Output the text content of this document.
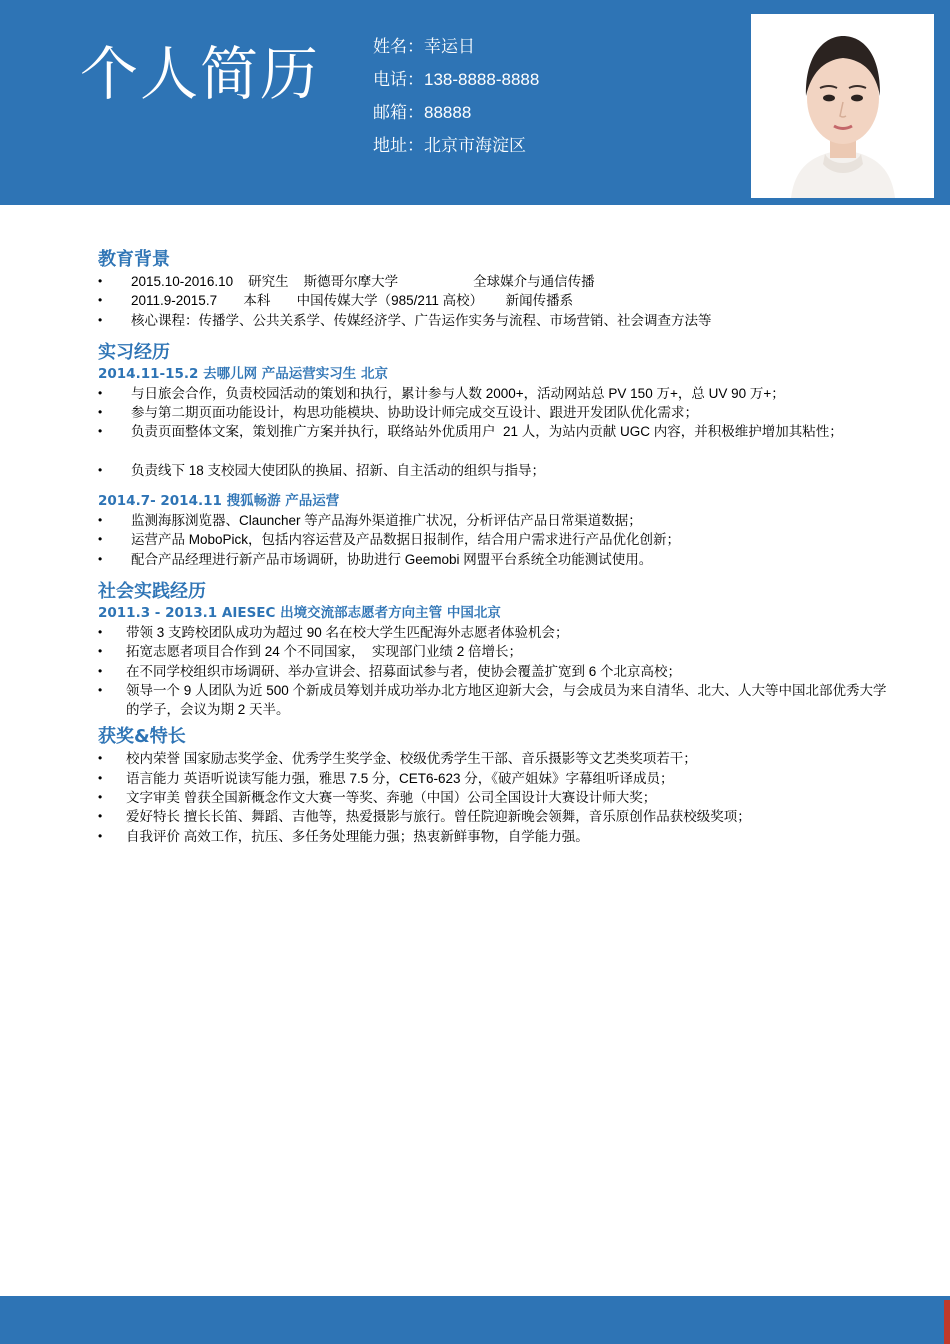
个人简历	姓名：幸运日
电话：138-8888-8888
邮箱：88888
地址：北京市海淀区
教育背景
• 2015.10-2016.10    研究生    斯德哥尔摩大学                    全球媒介与通信传播
• 2011.9-2015.7       本科       中国传媒大学（985/211 高校）      新闻传播系
• 核心课程：传播学、公共关系学、传媒经济学、广告运作实务与流程、市场营销、社会调查方法等
实习经历
2014.11-15.2 去哪儿网 产品运营实习生 北京
• 与日旅会合作，负责校园活动的策划和执行，累计参与人数 2000+，活动网站总 PV 150 万+，总 UV 90 万+；
• 参与第二期页面功能设计，构思功能模块、协助设计师完成交互设计、跟进开发团队优化需求；
• 负责页面整体文案，策划推广方案并执行，联络站外优质用户  21 人，为站内贡献 UGC 内容，并积极维护增加其粘性；
• 负责线下 18 支校园大使团队的换届、招新、自主活动的组织与指导；
2014.7- 2014.11 搜狐畅游 产品运营
• 监测海豚浏览器、Clauncher 等产品海外渠道推广状况，分析评估产品日常渠道数据；
• 运营产品 MoboPick，包括内容运营及产品数据日报制作，结合用户需求进行产品优化创新；
• 配合产品经理进行新产品市场调研，协助进行 Geemobi 网盟平台系统全功能测试使用。
社会实践经历
2011.3 - 2013.1 AIESEC 出境交流部志愿者方向主管 中国北京
• 带领 3 支跨校团队成功为超过 90 名在校大学生匹配海外志愿者体验机会；
• 拓宽志愿者项目合作到 24 个不同国家，  实现部门业绩 2 倍增长；
• 在不同学校组织市场调研、举办宣讲会、招募面试参与者，使协会覆盖扩宽到 6 个北京高校；
• 领导一个 9 人团队为近 500 个新成员筹划并成功举办北方地区迎新大会，与会成员为来自清华、北大、人大等中国北部优秀大学的学子，会议为期 2 天半。
获奖&特长
• 校内荣誉 国家励志奖学金、优秀学生奖学金、校级优秀学生干部、音乐摄影等文艺类奖项若干；
• 语言能力 英语听说读写能力强，雅思 7.5 分，CET6-623 分，《破产姐妹》字幕组听译成员；
• 文字审美 曾获全国新概念作文大赛一等奖、奔驰（中国）公司全国设计大赛设计师大奖；
• 爱好特长 擅长长笛、舞蹈、吉他等，热爱摄影与旅行。曾任院迎新晚会领舞，音乐原创作品获校级奖项；
• 自我评价 高效工作，抗压、多任务处理能力强；热衷新鲜事物，自学能力强。
